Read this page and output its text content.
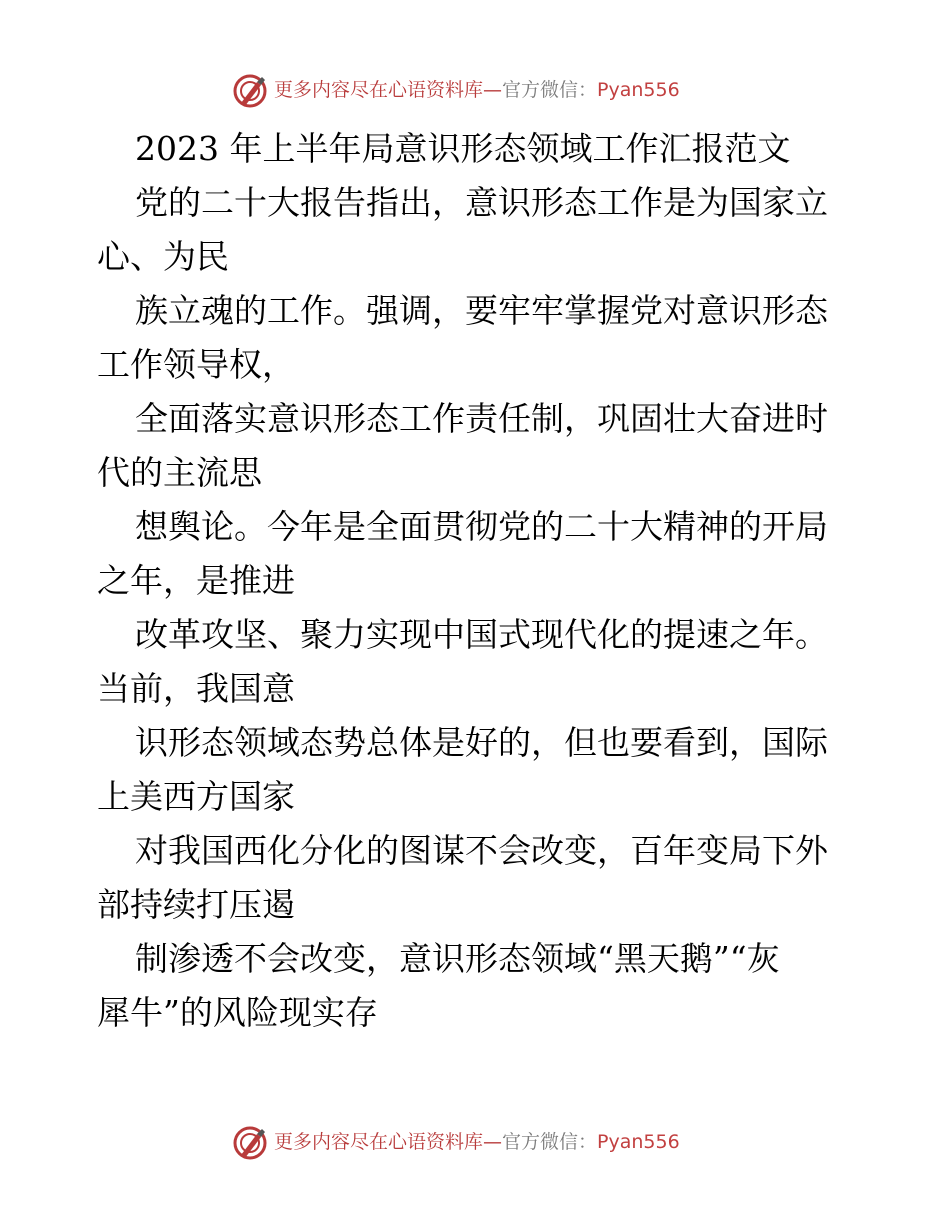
更多内容尽在心语资料库—官方微信：Pyan556
2023 年上半年局意识形态领域工作汇报范文
党的二十大报告指出，意识形态工作是为国家立
心、为民
族立魂的工作。强调，要牢牢掌握党对意识形态
工作领导权，
全面落实意识形态工作责任制，巩固壮大奋进时
代的主流思
想舆论。今年是全面贯彻党的二十大精神的开局
之年，是推进
改革攻坚、聚力实现中国式现代化的提速之年。
当前，我国意
识形态领域态势总体是好的，但也要看到，国际
上美西方国家
对我国西化分化的图谋不会改变，百年变局下外
部持续打压遏
制渗透不会改变，意识形态领域“黑天鹅”“灰
犀牛”的风险现实存
更多内容尽在心语资料库—官方微信：Pyan556
